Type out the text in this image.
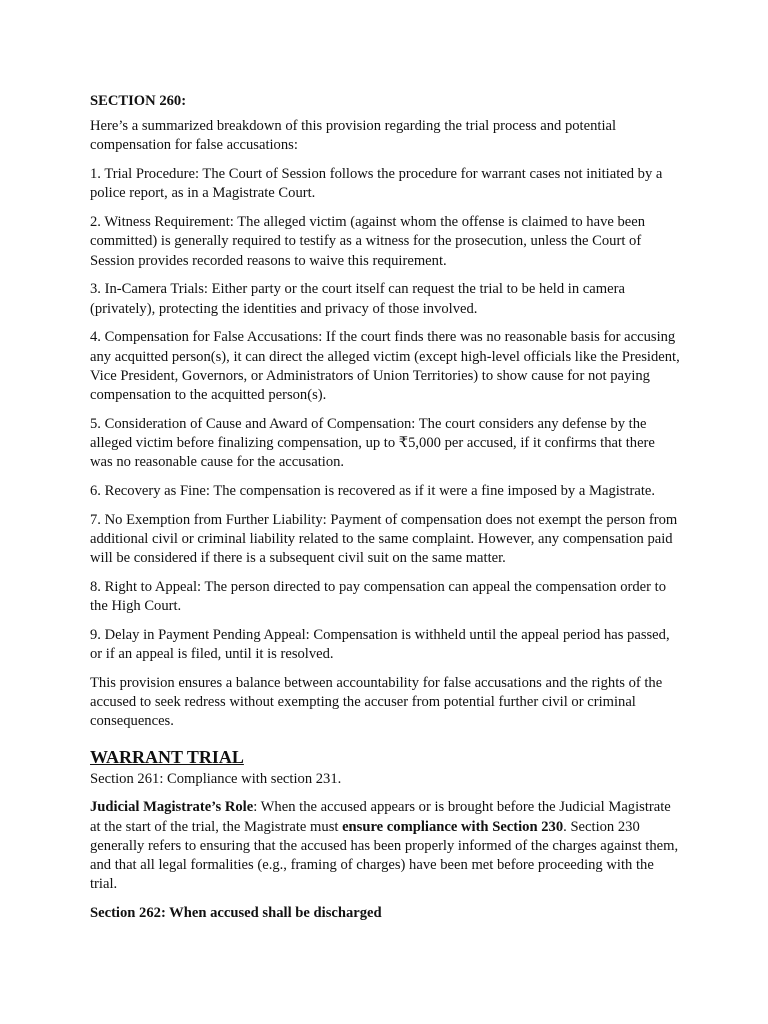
SECTION 260:

Here’s a summarized breakdown of this provision regarding the trial process and potential compensation for false accusations:

1. Trial Procedure: The Court of Session follows the procedure for warrant cases not initiated by a police report, as in a Magistrate Court.

2. Witness Requirement: The alleged victim (against whom the offense is claimed to have been committed) is generally required to testify as a witness for the prosecution, unless the Court of Session provides recorded reasons to waive this requirement.

3. In-Camera Trials: Either party or the court itself can request the trial to be held in camera (privately), protecting the identities and privacy of those involved.

4. Compensation for False Accusations: If the court finds there was no reasonable basis for accusing any acquitted person(s), it can direct the alleged victim (except high-level officials like the President, Vice President, Governors, or Administrators of Union Territories) to show cause for not paying compensation to the acquitted person(s).

5. Consideration of Cause and Award of Compensation: The court considers any defense by the alleged victim before finalizing compensation, up to ₹5,000 per accused, if it confirms that there was no reasonable cause for the accusation.

6. Recovery as Fine: The compensation is recovered as if it were a fine imposed by a Magistrate.

7. No Exemption from Further Liability: Payment of compensation does not exempt the person from additional civil or criminal liability related to the same complaint. However, any compensation paid will be considered if there is a subsequent civil suit on the same matter.

8. Right to Appeal: The person directed to pay compensation can appeal the compensation order to the High Court.

9. Delay in Payment Pending Appeal: Compensation is withheld until the appeal period has passed, or if an appeal is filed, until it is resolved.

This provision ensures a balance between accountability for false accusations and the rights of the accused to seek redress without exempting the accuser from potential further civil or criminal consequences.

WARRANT TRIAL

Section 261: Compliance with section 231.

Judicial Magistrate’s Role: When the accused appears or is brought before the Judicial Magistrate at the start of the trial, the Magistrate must ensure compliance with Section 230. Section 230 generally refers to ensuring that the accused has been properly informed of the charges against them, and that all legal formalities (e.g., framing of charges) have been met before proceeding with the trial.

Section 262: When accused shall be discharged
